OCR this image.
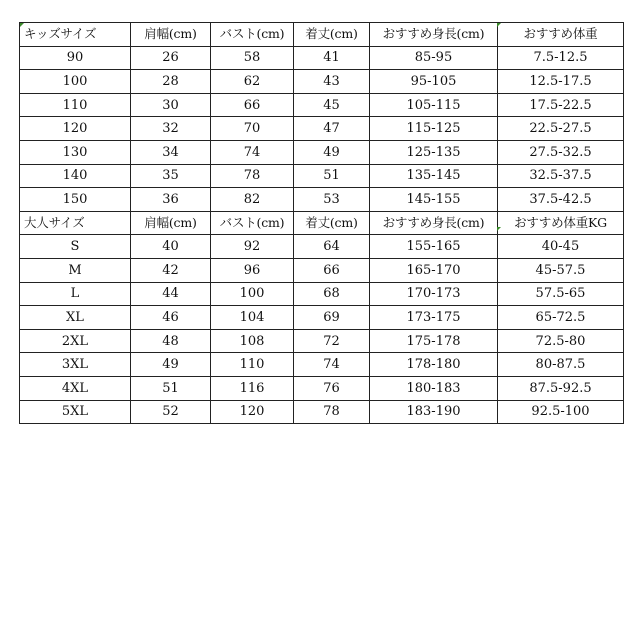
キッズサイズ	肩幅(cm)	バスト(cm)	着丈(cm)	おすすめ身長(cm)	おすすめ体重
90	26	58	41	85-95	7.5-12.5
100	28	62	43	95-105	12.5-17.5
110	30	66	45	105-115	17.5-22.5
120	32	70	47	115-125	22.5-27.5
130	34	74	49	125-135	27.5-32.5
140	35	78	51	135-145	32.5-37.5
150	36	82	53	145-155	37.5-42.5
大人サイズ	肩幅(cm)	バスト(cm)	着丈(cm)	おすすめ身長(cm)	おすすめ体重KG
S	40	92	64	155-165	40-45
M	42	96	66	165-170	45-57.5
L	44	100	68	170-173	57.5-65
XL	46	104	69	173-175	65-72.5
2XL	48	108	72	175-178	72.5-80
3XL	49	110	74	178-180	80-87.5
4XL	51	116	76	180-183	87.5-92.5
5XL	52	120	78	183-190	92.5-100
